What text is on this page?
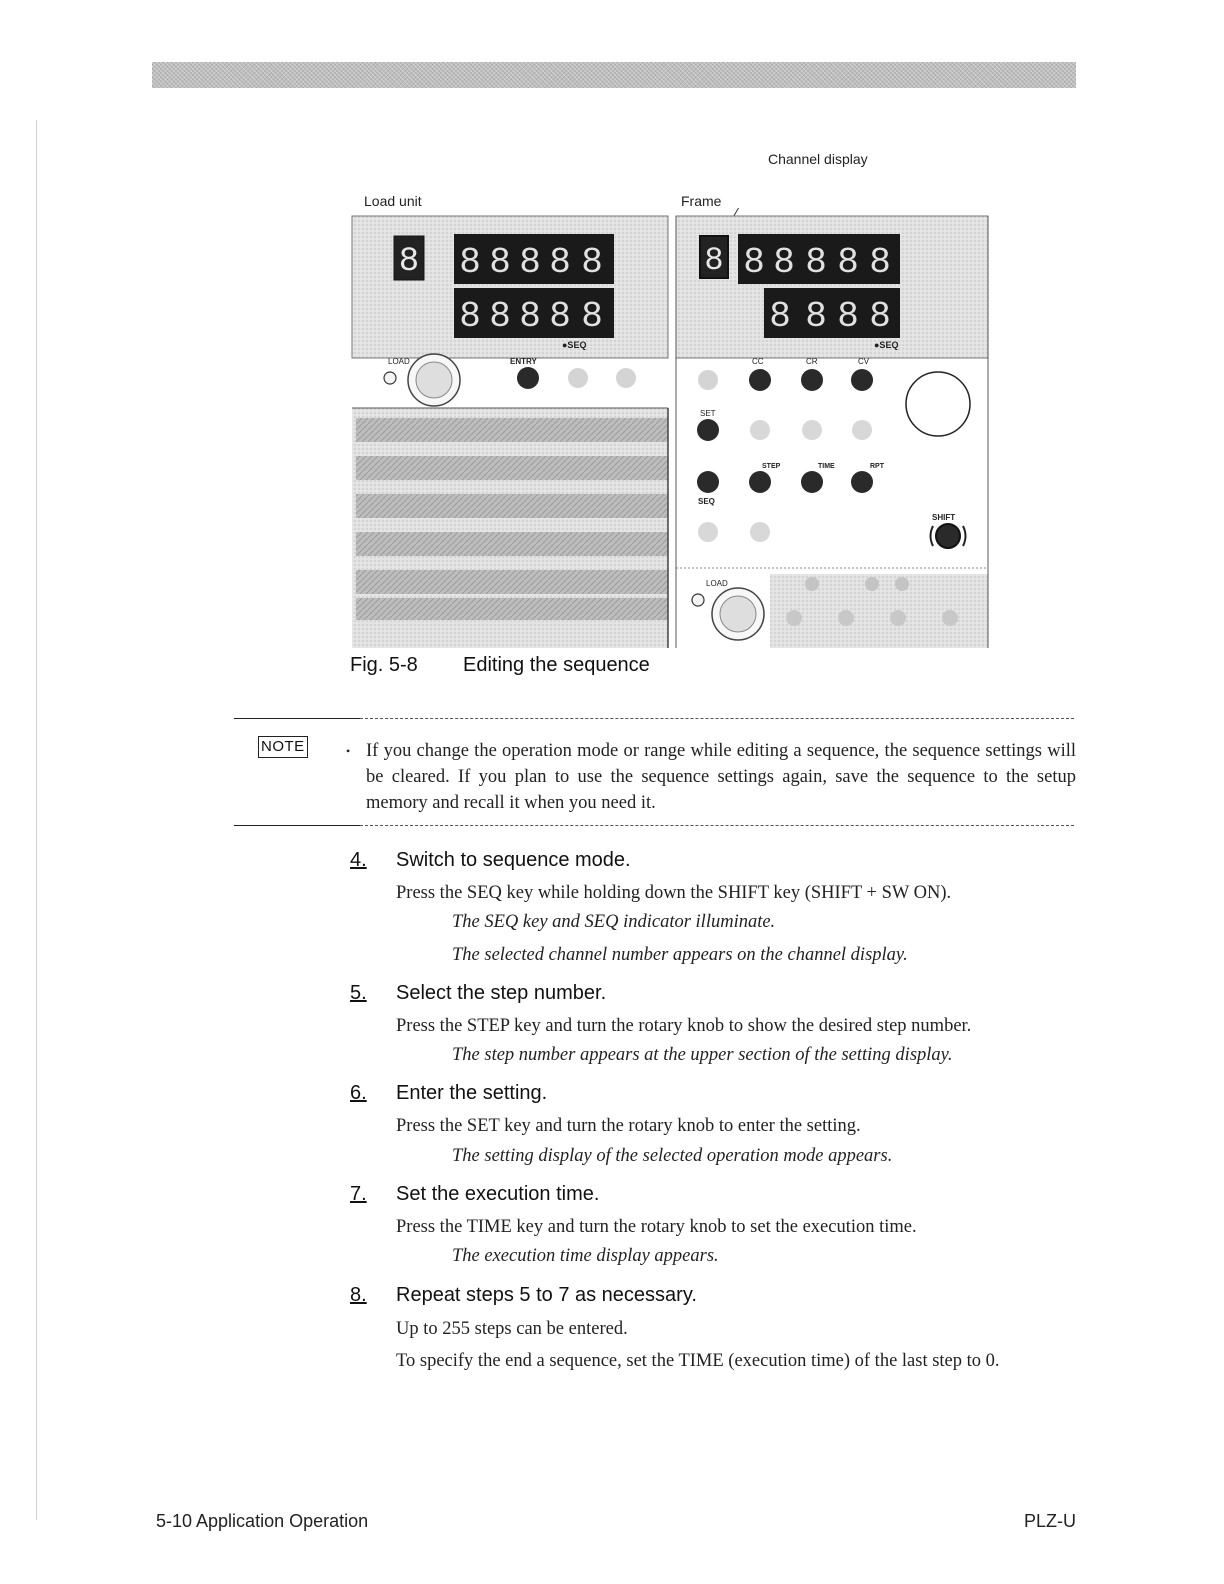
Load unit	Frame
Channel display
8 8 8 8 8 8
8 8 8 8 8
●SEQ
LOAD	ENTRY
8 8 8 8 8 8
8 8 8 8
●SEQ
CC	CR	CV
SET
STEP	TIME	RPT
SEQ
SHIFT
LOAD
Fig. 5-8 Editing the sequence
NOTE	• If you change the operation mode or range while editing a sequence, the sequence settings will be cleared. If you plan to use the sequence settings again, save the sequence to the setup memory and recall it when you need it.
4. Switch to sequence mode.
Press the SEQ key while holding down the SHIFT key (SHIFT + SW ON).
The SEQ key and SEQ indicator illuminate.
The selected channel number appears on the channel display.
5. Select the step number.
Press the STEP key and turn the rotary knob to show the desired step number.
The step number appears at the upper section of the setting display.
6. Enter the setting.
Press the SET key and turn the rotary knob to enter the setting.
The setting display of the selected operation mode appears.
7. Set the execution time.
Press the TIME key and turn the rotary knob to set the execution time.
The execution time display appears.
8. Repeat steps 5 to 7 as necessary.
Up to 255 steps can be entered.
To specify the end a sequence, set the TIME (execution time) of the last step to 0.
5-10 Application Operation	PLZ-U
